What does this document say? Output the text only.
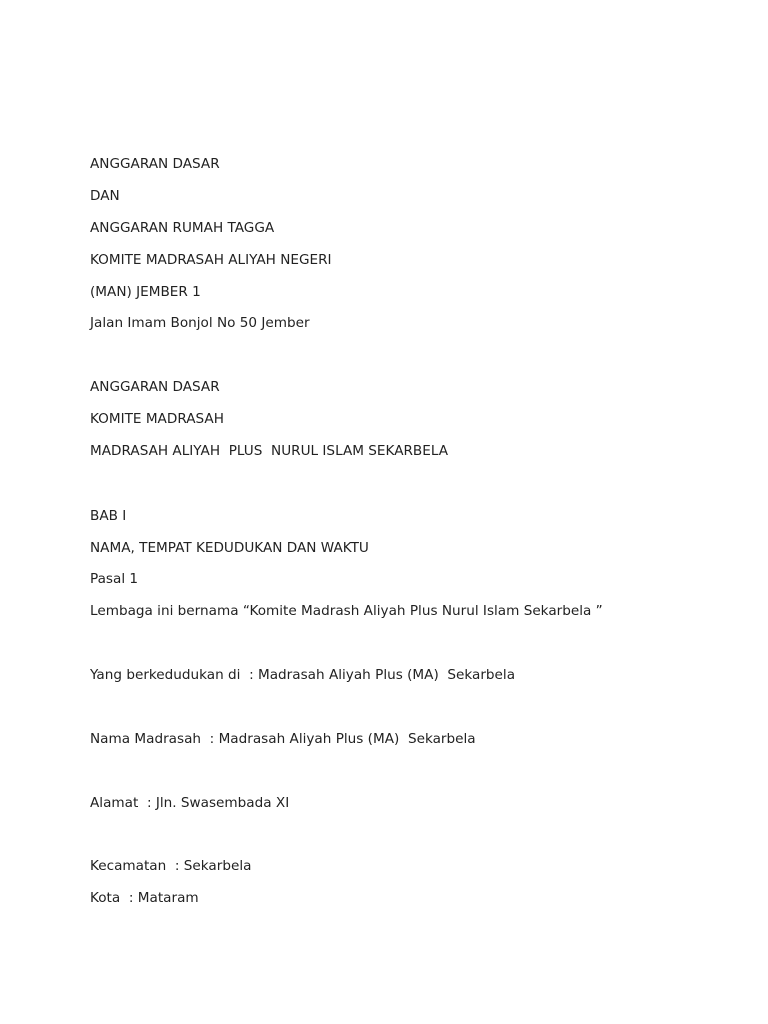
ANGGARAN DASAR

DAN

ANGGARAN RUMAH TAGGA

KOMITE MADRASAH ALIYAH NEGERI

(MAN) JEMBER 1

Jalan Imam Bonjol No 50 Jember

ANGGARAN DASAR

KOMITE MADRASAH

MADRASAH ALIYAH  PLUS  NURUL ISLAM SEKARBELA

BAB I

NAMA, TEMPAT KEDUDUKAN DAN WAKTU

Pasal 1

Lembaga ini bernama “Komite Madrash Aliyah Plus Nurul Islam Sekarbela ”

Yang berkedudukan di  : Madrasah Aliyah Plus (MA)  Sekarbela

Nama Madrasah  : Madrasah Aliyah Plus (MA)  Sekarbela

Alamat  : Jln. Swasembada XI

Kecamatan  : Sekarbela

Kota  : Mataram
